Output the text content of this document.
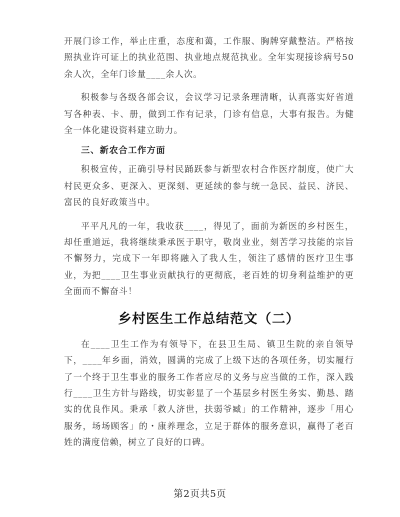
开展门诊工作，举止庄重，态度和蔼，工作服、胸牌穿戴整洁。严格按照执业许可证上的执业范围、执业地点规范执业。全年实现接诊病号50余人次，全年门诊量____余人次。

积极参与各级各部会议，会议学习记录条理清晰，认真落实好省道写各种表、卡、册，做到工作有记录，门诊有信息，大事有报告。为健全一体化建设资料建立助力。

三、新农合工作方面

积极宣传，正确引导村民踊跃参与新型农村合作医疗制度，使广大村民更众多、更深入、更深刻、更延续的参与统一急民、益民、济民、富民的良好政策当中。

平平凡凡的一年，我收获____，得见了，面前为新医的乡村医生，却任重道远，我将继续秉承医于职守，敬岗业业，刻苦学习技能的宗旨不懈努力，完成下一年即将融入了我人生，领注了感情的医疗卫生事业，为把____卫生事业贡献执行的更彻底，老百姓的切身利益维护的更全面而不懈奋斗！

乡村医生工作总结范文（二）

在____卫生工作为有领导下，在县卫生局、镇卫生院的亲自领导下，____年乡面，消效，圆满的完成了上级下达的各项任务，切实履行了一个终于卫生事业的服务工作者应尽的义务与应当做的工作，深入践行____卫生方针与路线，切实彰显了一个基层乡村医生务实、勤恳、踏实的优良作风。秉承「救人济世，扶弱爷臧」的工作精神，逐步「用心服务，场场顾客」的・康养理念，立足于群体的服务意识，赢得了老百姓的满度信赖，树立了良好的口碑。

第2页共5页
